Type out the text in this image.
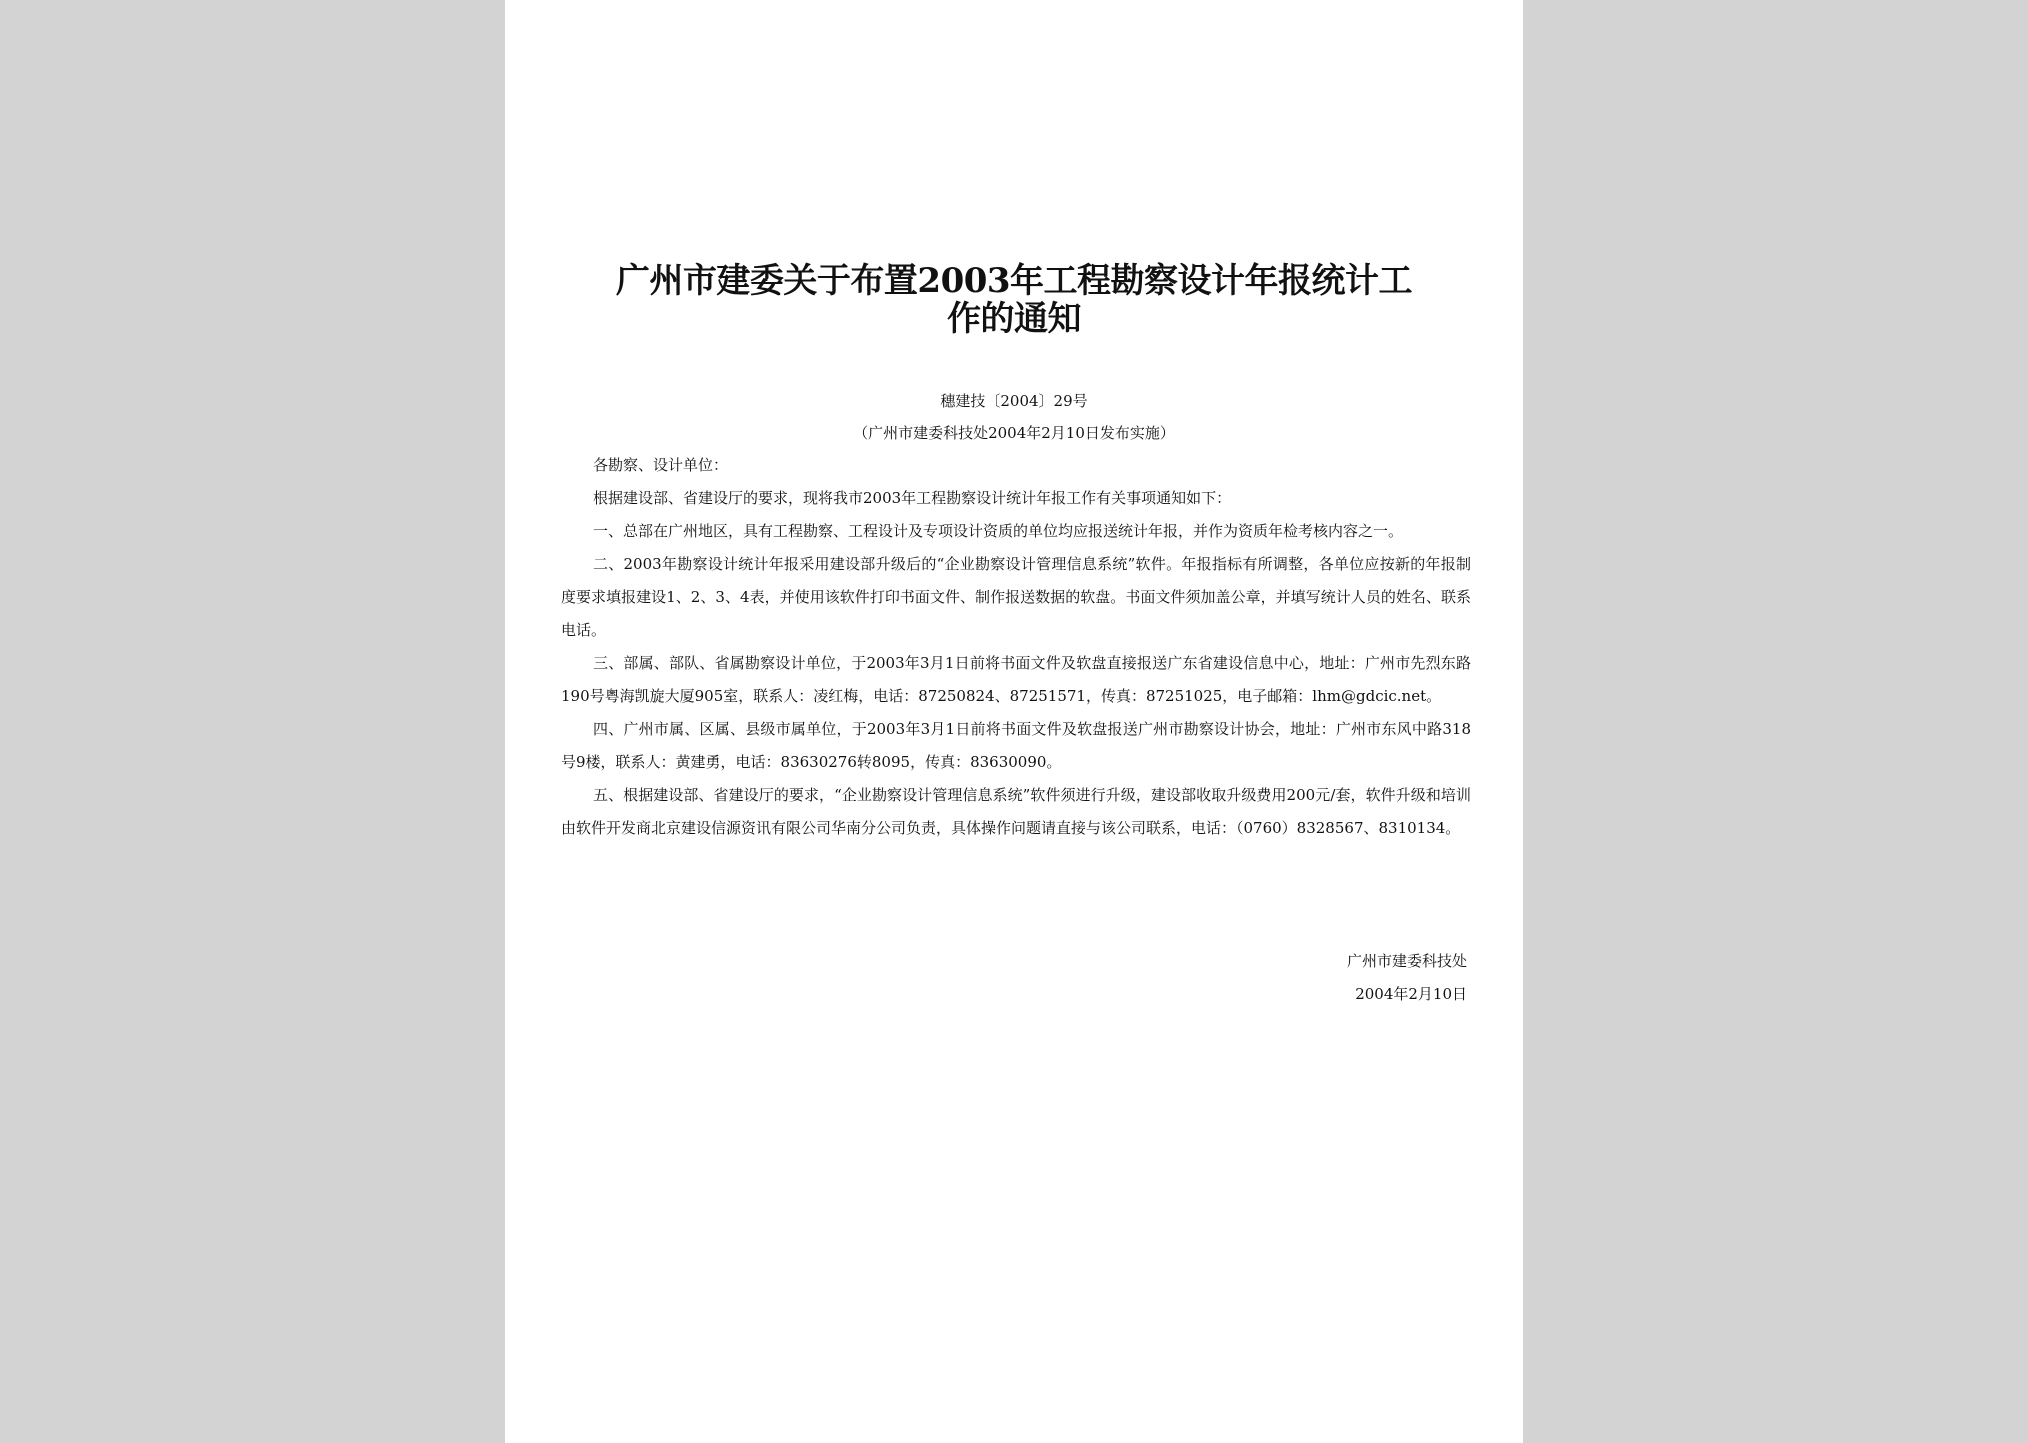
广州市建委关于布置2003年工程勘察设计年报统计工
作的通知
穗建技〔2004〕29号
（广州市建委科技处2004年2月10日发布实施）

各勘察、设计单位：

根据建设部、省建设厅的要求，现将我市2003年工程勘察设计统计年报工作有关事项通知如下：

一、总部在广州地区，具有工程勘察、工程设计及专项设计资质的单位均应报送统计年报，并作为资质年检考核内容之一。

二、2003年勘察设计统计年报采用建设部升级后的“企业勘察设计管理信息系统”软件。年报指标有所调整，各单位应按新的年报制度要求填报建设1、2、3、4表，并使用该软件打印书面文件、制作报送数据的软盘。书面文件须加盖公章，并填写统计人员的姓名、联系电话。

三、部属、部队、省属勘察设计单位，于2003年3月1日前将书面文件及软盘直接报送广东省建设信息中心，地址：广州市先烈东路190号粤海凯旋大厦905室，联系人：凌红梅，电话：87250824、87251571，传真：87251025，电子邮箱：lhm@gdcic.net。

四、广州市属、区属、县级市属单位，于2003年3月1日前将书面文件及软盘报送广州市勘察设计协会，地址：广州市东风中路318号9楼，联系人：黄建勇，电话：83630276转8095，传真：83630090。

五、根据建设部、省建设厅的要求，“企业勘察设计管理信息系统”软件须进行升级，建设部收取升级费用200元/套，软件升级和培训由软件开发商北京建设信源资讯有限公司华南分公司负责，具体操作问题请直接与该公司联系，电话：（0760）8328567、8310134。

广州市建委科技处
2004年2月10日
